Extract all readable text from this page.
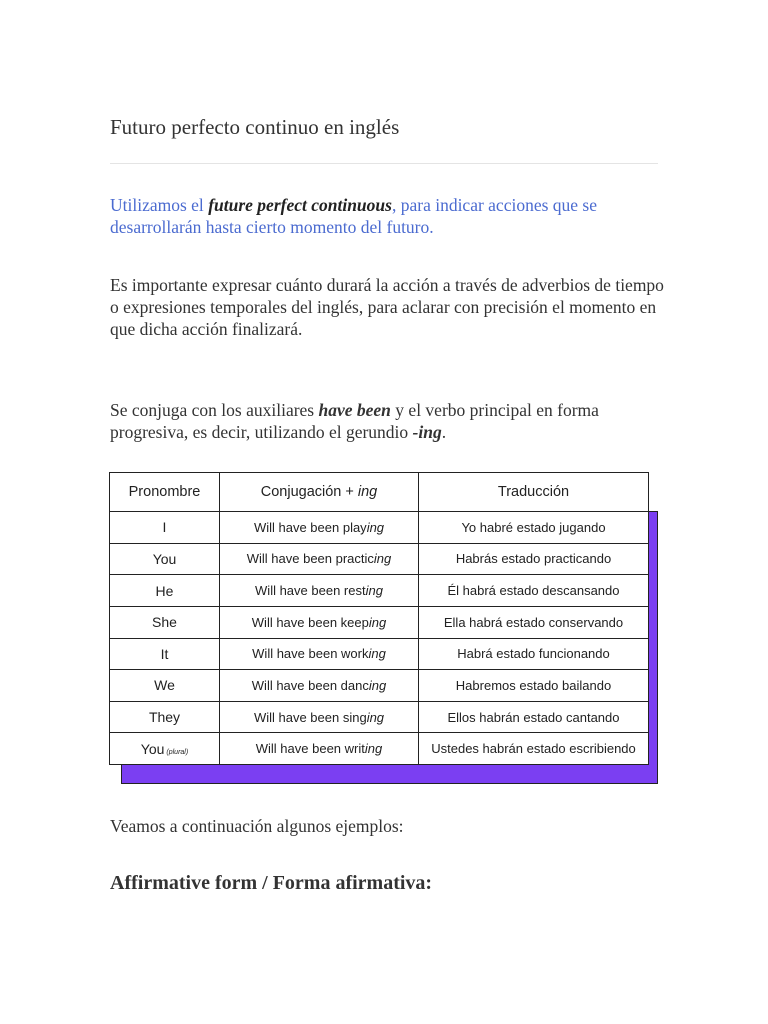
Futuro perfecto continuo en inglés

Utilizamos el future perfect continuous, para indicar acciones que se desarrollarán hasta cierto momento del futuro.

Es importante expresar cuánto durará la acción a través de adverbios de tiempo o expresiones temporales del inglés, para aclarar con precisión el momento en que dicha acción finalizará.

Se conjuga con los auxiliares have been y el verbo principal en forma progresiva, es decir, utilizando el gerundio -ing.

Pronombre	Conjugación + ing	Traducción
I	Will have been playing	Yo habré estado jugando
You	Will have been practicing	Habrás estado practicando
He	Will have been resting	Él habrá estado descansando
She	Will have been keeping	Ella habrá estado conservando
It	Will have been working	Habrá estado funcionando
We	Will have been dancing	Habremos estado bailando
They	Will have been singing	Ellos habrán estado cantando
You (plural)	Will have been writing	Ustedes habrán estado escribiendo

Veamos a continuación algunos ejemplos:

Affirmative form / Forma afirmativa:
